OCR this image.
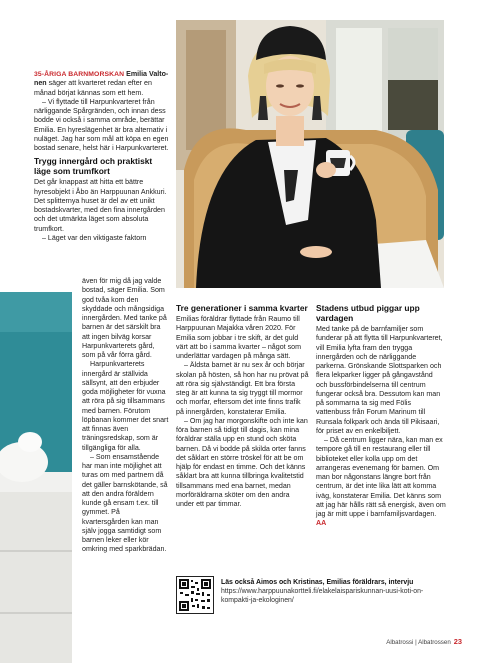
35-ÅRIGA BARNMORSKAN Emilia Valto-nen säger att kvarteret redan efter en månad börjat kännas som ett hem.

– Vi flyttade till Harpunkvarteret från närliggande Spårgränden, och innan dess bodde vi också i samma område, berättar Emilia. En hyreslägenhet är bra alternativ i nuläget. Jag har som mål att köpa en egen bostad senare, helst här i Harpunkvarteret.

Trygg innergård och praktiskt läge som trumfkort

Det går knappast att hitta ett bättre hyresobjekt i Åbo än Harppuunan Ankkuri. Det splitternya huset är del av ett unikt bostadskvarter, med den fina innergården och det utmärkta läget som absoluta trumfkort.

– Läget var den viktigaste faktorn

även för mig då jag valde bostad, säger Emilia. Som god tvåa kom den skyddade och mångsidiga innergården. Med tanke på barnen är det särskilt bra att ingen bilväg korsar Harpunkvarterets gård, som på vår förra gård.

Harpunkvarterets innergård är ställvida sällsynt, att den erbjuder goda möjligheter för vuxna att röra på sig tillsammans med barnen. Förutom löpbanan kommer det snart att finnas även träningsredskap, som är tillgängliga för alla.

– Som ensamstående har man inte möjlighet att turas om med partnern då det gäller barnskötande, så att den andra föräldern kunde gå ensam t.ex. till gymmet. På kvartersgården kan man själv jogga samtidigt som barnen leker eller kör omkring med sparkbrädan.

Tre generationer i samma kvarter

Emilias föräldrar flyttade från Raumo till Harppuunan Majakka våren 2020. För Emilia som jobbar i tre skift, är det guld värt att bo i samma kvarter – något som underlättar vardagen på många sätt.

– Äldsta barnet är nu sex år och börjar skolan på hösten, så hon har nu prövat på att röra sig självständigt. Ett bra första steg är att kunna ta sig tryggt till mormor och morfar, eftersom det inte finns trafik på innergården, konstaterar Emilia.

– Om jag har morgonskifte och inte kan föra barnen så tidigt till dagis, kan mina föräldrar ställa upp en stund och sköta barnen. Då vi bodde på skilda orter fanns det såklart en större tröskel för att be om hjälp för endast en timme. Och det känns såklart bra att kunna tillbringa kvalitetstid tillsammans med ena barnet, medan morföräldrarna sköter om den andra under ett par timmar.

Stadens utbud piggar upp vardagen

Med tanke på de barnfamiljer som funderar på att flytta till Harpunkvarteret, vill Emilia lyfta fram den trygga innergården och de närliggande parkerna. Grönskande Slottsparken och flera lekparker ligger på gångavstånd och bussförbindelserna till centrum fungerar också bra. Dessutom kan man på sommarna ta sig med Fölis vattenbuss från Forum Marinum till Runsala folkpark och ända till Pikisaari, för priset av en enkelbiljett.

– Då centrum ligger nära, kan man ex tempore gå till en restaurang eller till biblioteket eller kolla upp om det arrangeras evenemang för barnen. Om man bor någonstans längre bort från centrum, är det inte lika lätt att komma iväg, konstaterar Emilia. Det känns som att jag här hålls rätt så energisk, även om jag är mitt uppe i barnfamiljsvardagen. AA

Läs också Aimos och Kristinas, Emilias föräldrars, intervju
https://www.harppuunakortteli.fi/elakelaispariskunnan-uusi-koti-on-kompakti-ja-ekologinen/
Albatrossi | Albatrossen 23
